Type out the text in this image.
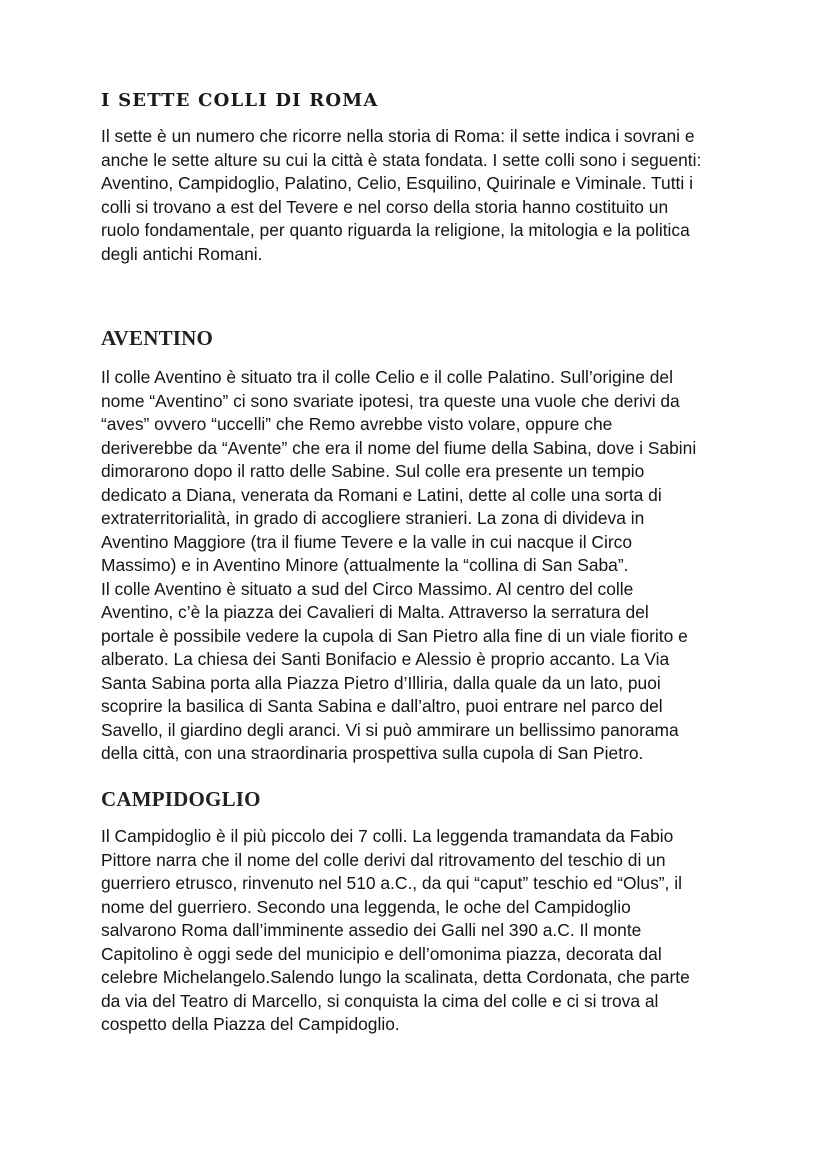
I SETTE COLLI DI ROMA

Il sette è un numero che ricorre nella storia di Roma: il sette indica i sovrani e
anche le sette alture su cui la città è stata fondata. I sette colli sono i seguenti:
Aventino, Campidoglio, Palatino, Celio, Esquilino, Quirinale e Viminale. Tutti i
colli si trovano a est del Tevere e nel corso della storia hanno costituito un
ruolo fondamentale, per quanto riguarda la religione, la mitologia e la politica
degli antichi Romani.

AVENTINO

Il colle Aventino è situato tra il colle Celio e il colle Palatino. Sull’origine del
nome “Aventino” ci sono svariate ipotesi, tra queste una vuole che derivi da
“aves” ovvero “uccelli” che Remo avrebbe visto volare, oppure che
deriverebbe da “Avente” che era il nome del fiume della Sabina, dove i Sabini
dimorarono dopo il ratto delle Sabine. Sul colle era presente un tempio
dedicato a Diana, venerata da Romani e Latini, dette al colle una sorta di
extraterritorialità, in grado di accogliere stranieri. La zona di divideva in
Aventino Maggiore (tra il fiume Tevere e la valle in cui nacque il Circo
Massimo) e in Aventino Minore (attualmente la “collina di San Saba”.
Il colle Aventino è situato a sud del Circo Massimo. Al centro del colle
Aventino, c’è la piazza dei Cavalieri di Malta. Attraverso la serratura del
portale è possibile vedere la cupola di San Pietro alla fine di un viale fiorito e
alberato. La chiesa dei Santi Bonifacio e Alessio è proprio accanto. La Via
Santa Sabina porta alla Piazza Pietro d’Illiria, dalla quale da un lato, puoi
scoprire la basilica di Santa Sabina e dall’altro, puoi entrare nel parco del
Savello, il giardino degli aranci. Vi si può ammirare un bellissimo panorama
della città, con una straordinaria prospettiva sulla cupola di San Pietro.

CAMPIDOGLIO

Il Campidoglio è il più piccolo dei 7 colli. La leggenda tramandata da Fabio
Pittore narra che il nome del colle derivi dal ritrovamento del teschio di un
guerriero etrusco, rinvenuto nel 510 a.C., da qui “caput” teschio ed “Olus”, il
nome del guerriero. Secondo una leggenda, le oche del Campidoglio
salvarono Roma dall’imminente assedio dei Galli nel 390 a.C. Il monte
Capitolino è oggi sede del municipio e dell’omonima piazza, decorata dal
celebre Michelangelo.Salendo lungo la scalinata, detta Cordonata, che parte
da via del Teatro di Marcello, si conquista la cima del colle e ci si trova al
cospetto della Piazza del Campidoglio.
